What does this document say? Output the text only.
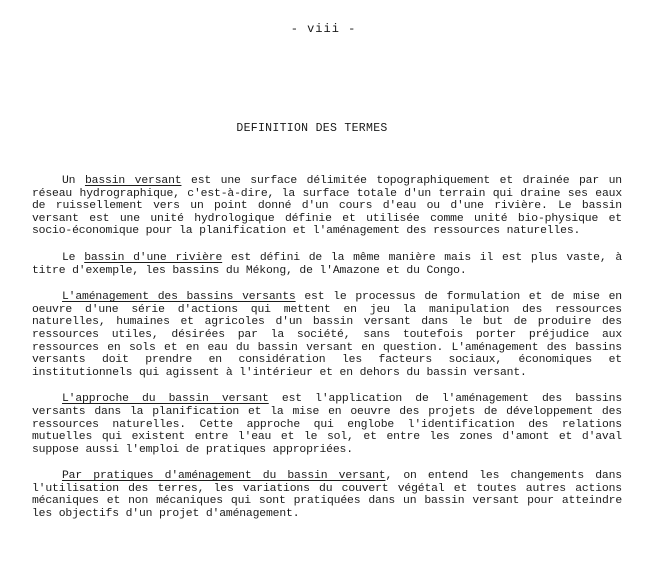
- viii -
DEFINITION DES TERMES

Un bassin versant est une surface délimitée topographiquement et drainée par un réseau hydrographique, c'est-à-dire, la surface totale d'un terrain qui draine ses eaux de ruissellement vers un point donné d'un cours d'eau ou d'une rivière. Le bassin versant est une unité hydrologique définie et utilisée comme unité bio-physique et socio-économique pour la planification et l'aménagement des ressources naturelles.

Le bassin d'une rivière est défini de la même manière mais il est plus vaste, à titre d'exemple, les bassins du Mékong, de l'Amazone et du Congo.

L'aménagement des bassins versants est le processus de formulation et de mise en oeuvre d'une série d'actions qui mettent en jeu la manipulation des ressources naturelles, humaines et agricoles d'un bassin versant dans le but de produire des ressources utiles, désirées par la société, sans toutefois porter préjudice aux ressources en sols et en eau du bassin versant en question. L'aménagement des bassins versants doit prendre en considération les facteurs sociaux, économiques et institutionnels qui agissent à l'intérieur et en dehors du bassin versant.

L'approche du bassin versant est l'application de l'aménagement des bassins versants dans la planification et la mise en oeuvre des projets de développement des ressources naturelles. Cette approche qui englobe l'identification des relations mutuelles qui existent entre l'eau et le sol, et entre les zones d'amont et d'aval suppose aussi l'emploi de pratiques appropriées.

Par pratiques d'aménagement du bassin versant, on entend les changements dans l'utilisation des terres, les variations du couvert végétal et toutes autres actions mécaniques et non mécaniques qui sont pratiquées dans un bassin versant pour atteindre les objectifs d'un projet d'aménagement.
